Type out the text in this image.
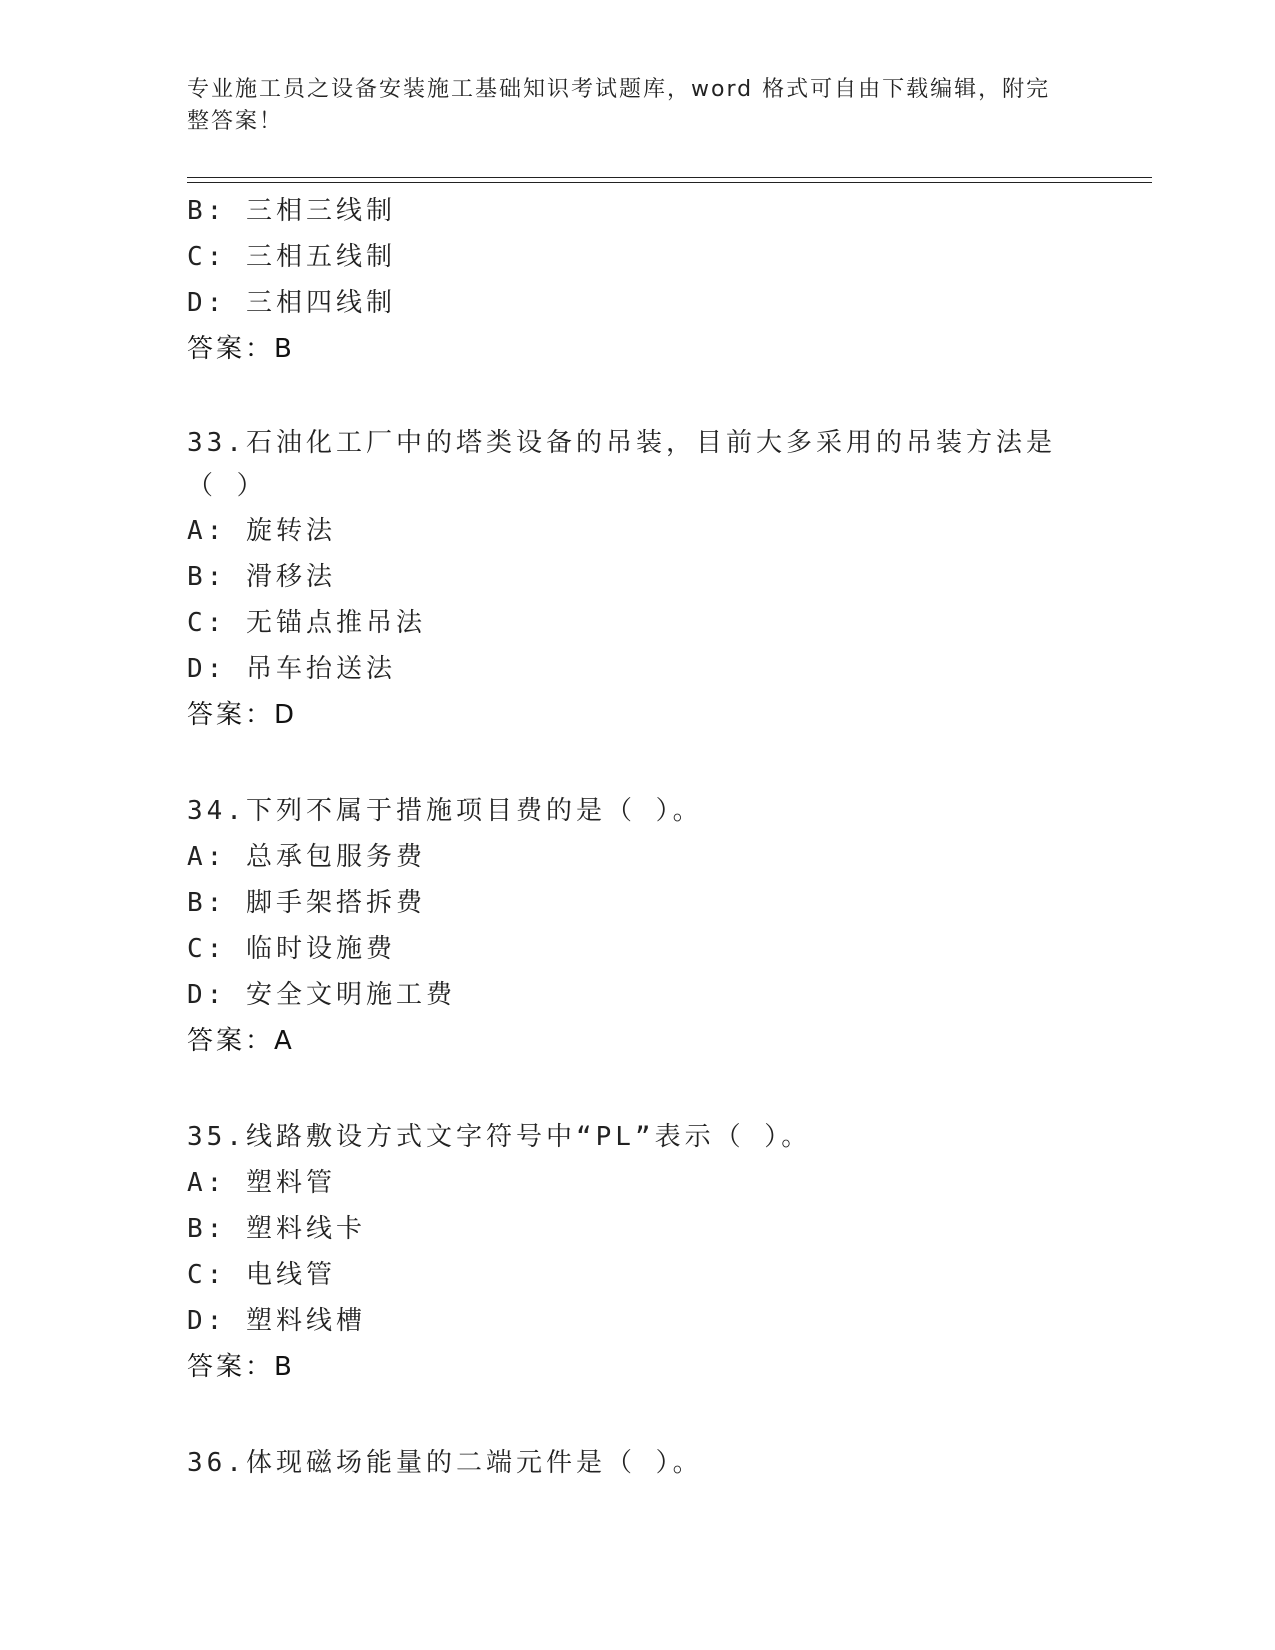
专业施工员之设备安装施工基础知识考试题库，word 格式可自由下载编辑，附完整答案！
B: 三相三线制
C: 三相五线制
D: 三相四线制
答案：B
33.石油化工厂中的塔类设备的吊装，目前大多采用的吊装方法是（ ）
A: 旋转法
B: 滑移法
C: 无锚点推吊法
D: 吊车抬送法
答案：D
34.下列不属于措施项目费的是（ ）。
A: 总承包服务费
B: 脚手架搭拆费
C: 临时设施费
D: 安全文明施工费
答案：A
35.线路敷设方式文字符号中“PL”表示（ ）。
A: 塑料管
B: 塑料线卡
C: 电线管
D: 塑料线槽
答案：B
36.体现磁场能量的二端元件是（ ）。
